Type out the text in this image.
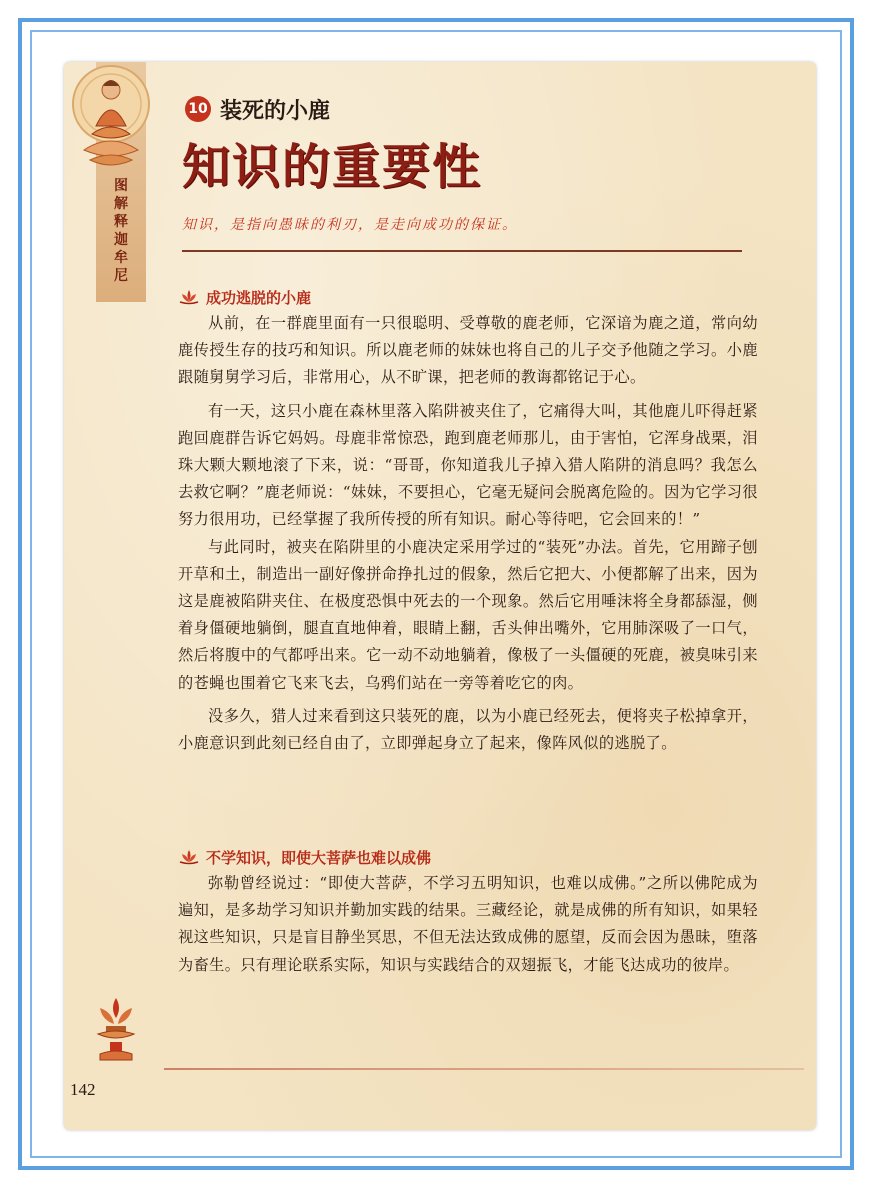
图
解
释
迦
牟
尼
10 装死的小鹿
知识的重要性
知识，是指向愚昧的利刃，是走向成功的保证。
成功逃脱的小鹿

从前，在一群鹿里面有一只很聪明、受尊敬的鹿老师，它深谙为鹿之道，常向幼鹿传授生存的技巧和知识。所以鹿老师的妹妹也将自己的儿子交予他随之学习。小鹿跟随舅舅学习后，非常用心，从不旷课，把老师的教诲都铭记于心。

有一天，这只小鹿在森林里落入陷阱被夹住了，它痛得大叫，其他鹿儿吓得赶紧跑回鹿群告诉它妈妈。母鹿非常惊恐，跑到鹿老师那儿，由于害怕，它浑身战栗，泪珠大颗大颗地滚了下来，说：“哥哥，你知道我儿子掉入猎人陷阱的消息吗？我怎么去救它啊？”鹿老师说：“妹妹，不要担心，它毫无疑问会脱离危险的。因为它学习很努力很用功，已经掌握了我所传授的所有知识。耐心等待吧，它会回来的！”

与此同时，被夹在陷阱里的小鹿决定采用学过的“装死”办法。首先，它用蹄子刨开草和土，制造出一副好像拼命挣扎过的假象，然后它把大、小便都解了出来，因为这是鹿被陷阱夹住、在极度恐惧中死去的一个现象。然后它用唾沫将全身都舔湿，侧着身僵硬地躺倒，腿直直地伸着，眼睛上翻，舌头伸出嘴外，它用肺深吸了一口气，然后将腹中的气都呼出来。它一动不动地躺着，像极了一头僵硬的死鹿，被臭味引来的苍蝇也围着它飞来飞去，乌鸦们站在一旁等着吃它的肉。

没多久，猎人过来看到这只装死的鹿，以为小鹿已经死去，便将夹子松掉拿开，小鹿意识到此刻已经自由了，立即弹起身立了起来，像阵风似的逃脱了。

不学知识，即使大菩萨也难以成佛

弥勒曾经说过：“即使大菩萨，不学习五明知识，也难以成佛。”之所以佛陀成为遍知，是多劫学习知识并勤加实践的结果。三藏经论，就是成佛的所有知识，如果轻视这些知识，只是盲目静坐冥思，不但无法达致成佛的愿望，反而会因为愚昧，堕落为畜生。只有理论联系实际，知识与实践结合的双翅振飞，才能飞达成功的彼岸。

142
